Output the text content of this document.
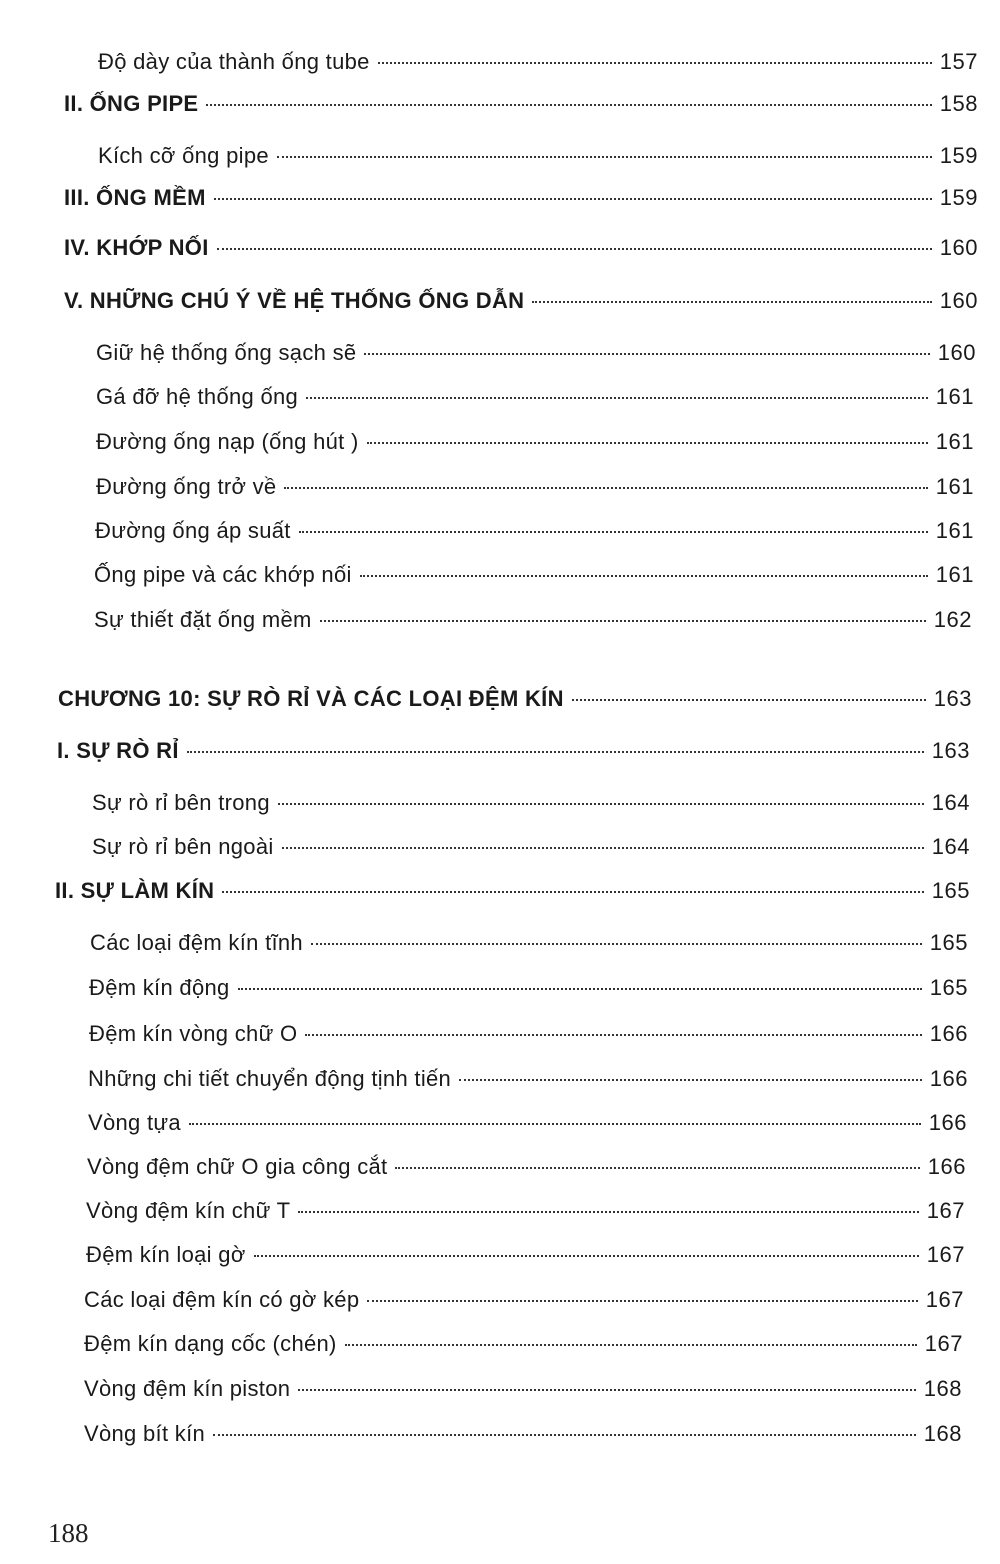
Độ dày của thành ống tube	157
II. ỐNG PIPE	158
Kích cỡ ống pipe	159
III. ỐNG MỀM	159
IV. KHỚP NỐI	160
V. NHỮNG CHÚ Ý VỀ HỆ THỐNG ỐNG DẪN	160
Giữ hệ thống ống sạch sẽ	160
Gá đỡ hệ thống ống	161
Đường ống nạp (ống hút )	161
Đường ống trở về	161
Đường ống áp suất	161
Ống pipe và các khớp nối	161
Sự thiết đặt ống mềm	162
CHƯƠNG 10: SỰ RÒ RỈ VÀ CÁC LOẠI ĐỆM KÍN	163
I. SỰ RÒ RỈ	163
Sự rò rỉ bên trong	164
Sự rò rỉ bên ngoài	164
II. SỰ LÀM KÍN	165
Các loại đệm kín tĩnh	165
Đệm kín động	165
Đệm kín vòng chữ O	166
Những chi tiết chuyển động tịnh tiến	166
Vòng tựa	166
Vòng đệm chữ O gia công cắt	166
Vòng đệm kín chữ T	167
Đệm kín loại gờ	167
Các loại đệm kín có gờ kép	167
Đệm kín dạng cốc (chén)	167
Vòng đệm kín piston	168
Vòng bít kín	168
188
